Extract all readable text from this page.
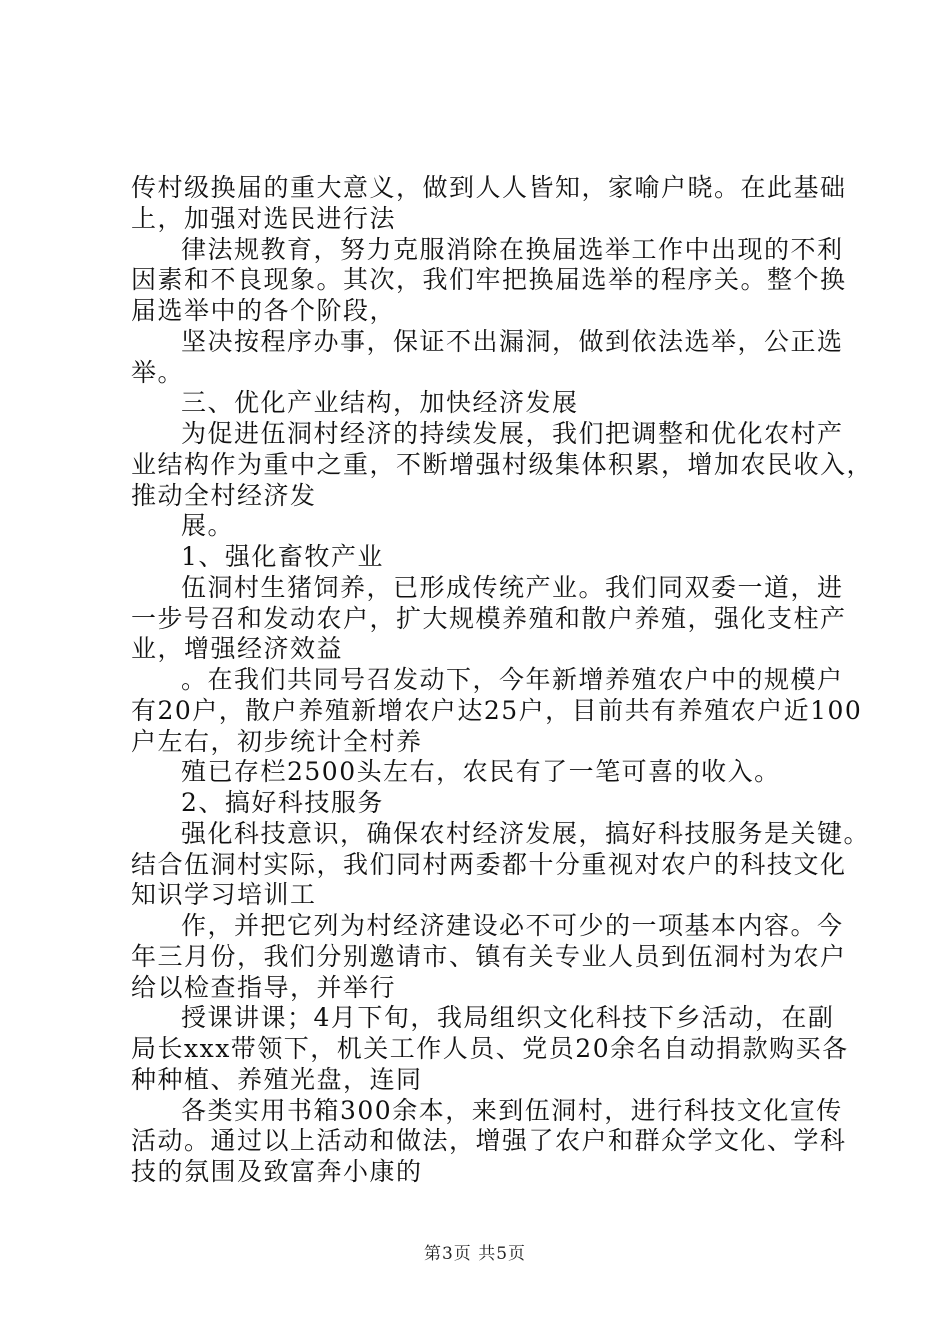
传村级换届的重大意义，做到人人皆知，家喻户晓。在此基础
上，加强对选民进行法
律法规教育，努力克服消除在换届选举工作中出现的不利
因素和不良现象。其次，我们牢把换届选举的程序关。整个换
届选举中的各个阶段，
坚决按程序办事，保证不出漏洞，做到依法选举，公正选
举。
三、优化产业结构，加快经济发展
为促进伍洞村经济的持续发展，我们把调整和优化农村产
业结构作为重中之重，不断增强村级集体积累，增加农民收入，
推动全村经济发
展。
1、强化畜牧产业
伍洞村生猪饲养，已形成传统产业。我们同双委一道，进
一步号召和发动农户，扩大规模养殖和散户养殖，强化支柱产
业，增强经济效益
。在我们共同号召发动下，今年新增养殖农户中的规模户
有20户，散户养殖新增农户达25户，目前共有养殖农户近100
户左右，初步统计全村养
殖已存栏2500头左右，农民有了一笔可喜的收入。
2、搞好科技服务
强化科技意识，确保农村经济发展，搞好科技服务是关键。
结合伍洞村实际，我们同村两委都十分重视对农户的科技文化
知识学习培训工
作，并把它列为村经济建设必不可少的一项基本内容。今
年三月份，我们分别邀请市、镇有关专业人员到伍洞村为农户
给以检查指导，并举行
授课讲课；4月下旬，我局组织文化科技下乡活动，在副
局长xxx带领下，机关工作人员、党员20余名自动捐款购买各
种种植、养殖光盘，连同
各类实用书箱300余本，来到伍洞村，进行科技文化宣传
活动。通过以上活动和做法，增强了农户和群众学文化、学科
技的氛围及致富奔小康的
第3页 共5页
